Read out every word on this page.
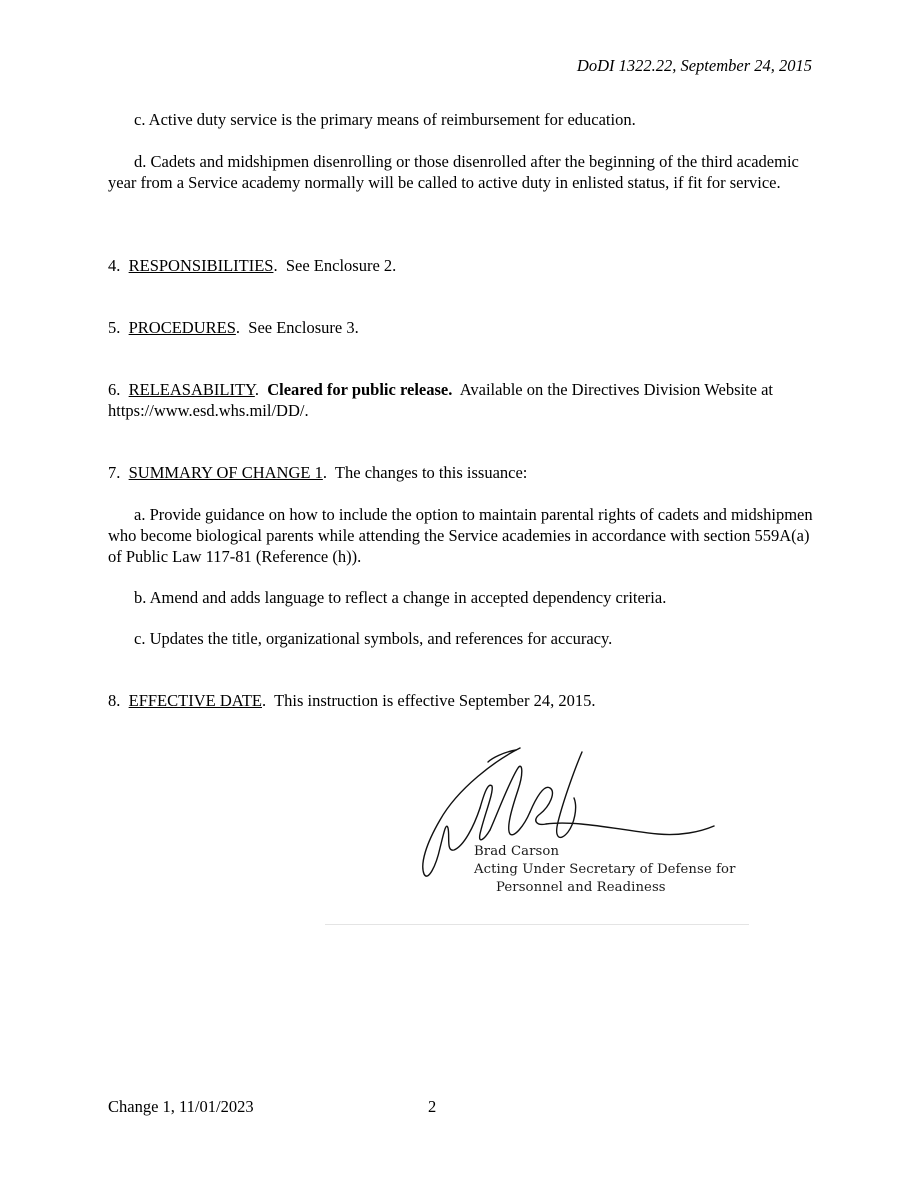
DoDI 1322.22, September 24, 2015
c. Active duty service is the primary means of reimbursement for education.
d. Cadets and midshipmen disenrolling or those disenrolled after the beginning of the third academic year from a Service academy normally will be called to active duty in enlisted status, if fit for service.
4. RESPONSIBILITIES.  See Enclosure 2.
5. PROCEDURES.  See Enclosure 3.
6. RELEASABILITY.  Cleared for public release. Available on the Directives Division Website at https://www.esd.whs.mil/DD/.
7. SUMMARY OF CHANGE 1.  The changes to this issuance:
a. Provide guidance on how to include the option to maintain parental rights of cadets and midshipmen who become biological parents while attending the Service academies in accordance with section 559A(a) of Public Law 117-81 (Reference (h)).
b. Amend and adds language to reflect a change in accepted dependency criteria.
c. Updates the title, organizational symbols, and references for accuracy.
8. EFFECTIVE DATE.  This instruction is effective September 24, 2015.
Brad Carson
Acting Under Secretary of Defense for
Personnel and Readiness
Change 1, 11/01/2023	2
